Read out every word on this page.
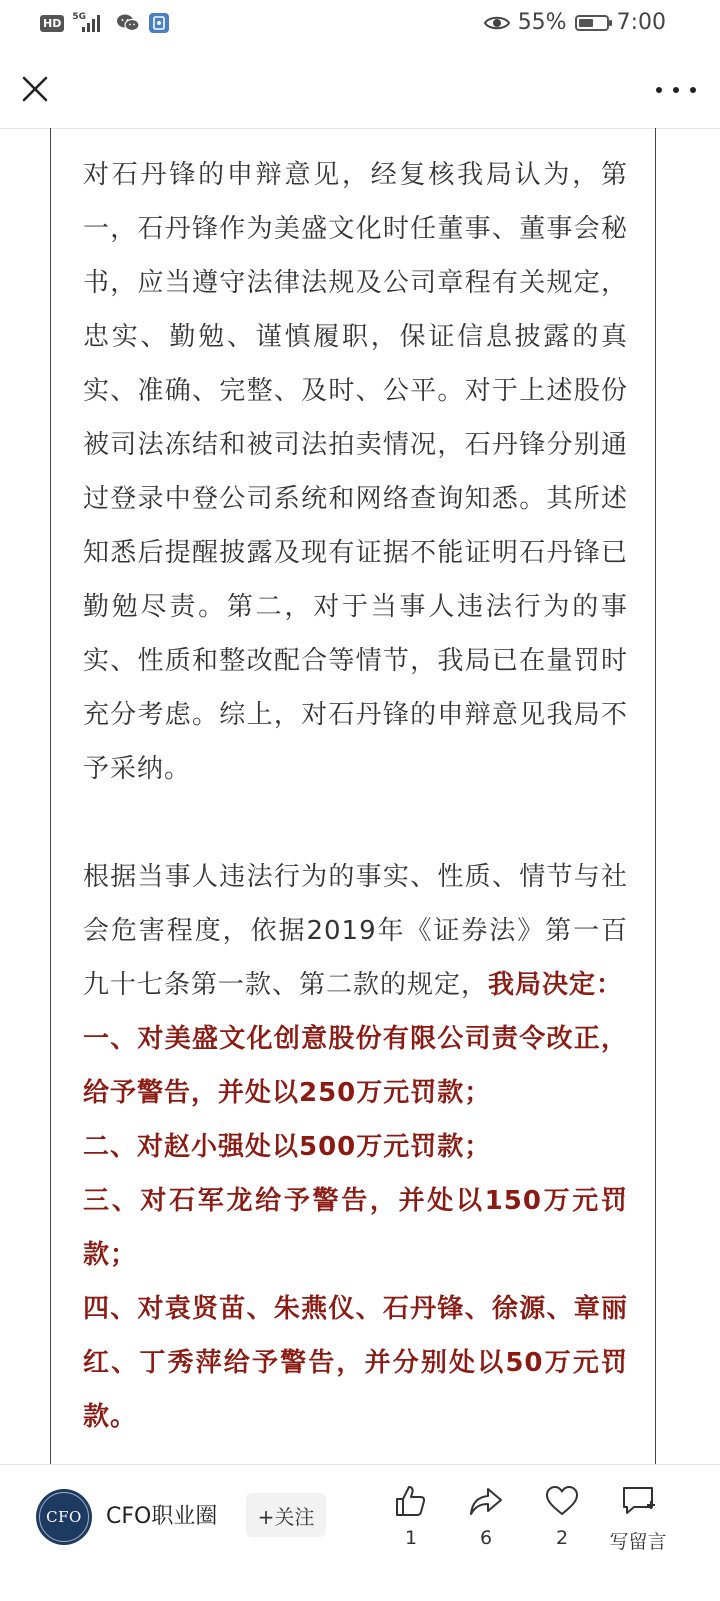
HD	5G	55% 7:00

对石丹锋的申辩意见，经复核我局认为，第一，石丹锋作为美盛文化时任董事、董事会秘书，应当遵守法律法规及公司章程有关规定，忠实、勤勉、谨慎履职，保证信息披露的真实、准确、完整、及时、公平。对于上述股份被司法冻结和被司法拍卖情况，石丹锋分别通过登录中登公司系统和网络查询知悉。其所述知悉后提醒披露及现有证据不能证明石丹锋已勤勉尽责。第二，对于当事人违法行为的事实、性质和整改配合等情节，我局已在量罚时充分考虑。综上，对石丹锋的申辩意见我局不予采纳。

根据当事人违法行为的事实、性质、情节与社会危害程度，依据2019年《证券法》第一百九十七条第一款、第二款的规定，我局决定：

一、对美盛文化创意股份有限公司责令改正，给予警告，并处以250万元罚款；

二、对赵小强处以500万元罚款；

三、对石军龙给予警告，并处以150万元罚款；

四、对袁贤苗、朱燕仪、石丹锋、徐源、章丽红、丁秀萍给予警告，并分别处以50万元罚款。

CFO CFO职业圈	+关注
1	6	2	写留言
